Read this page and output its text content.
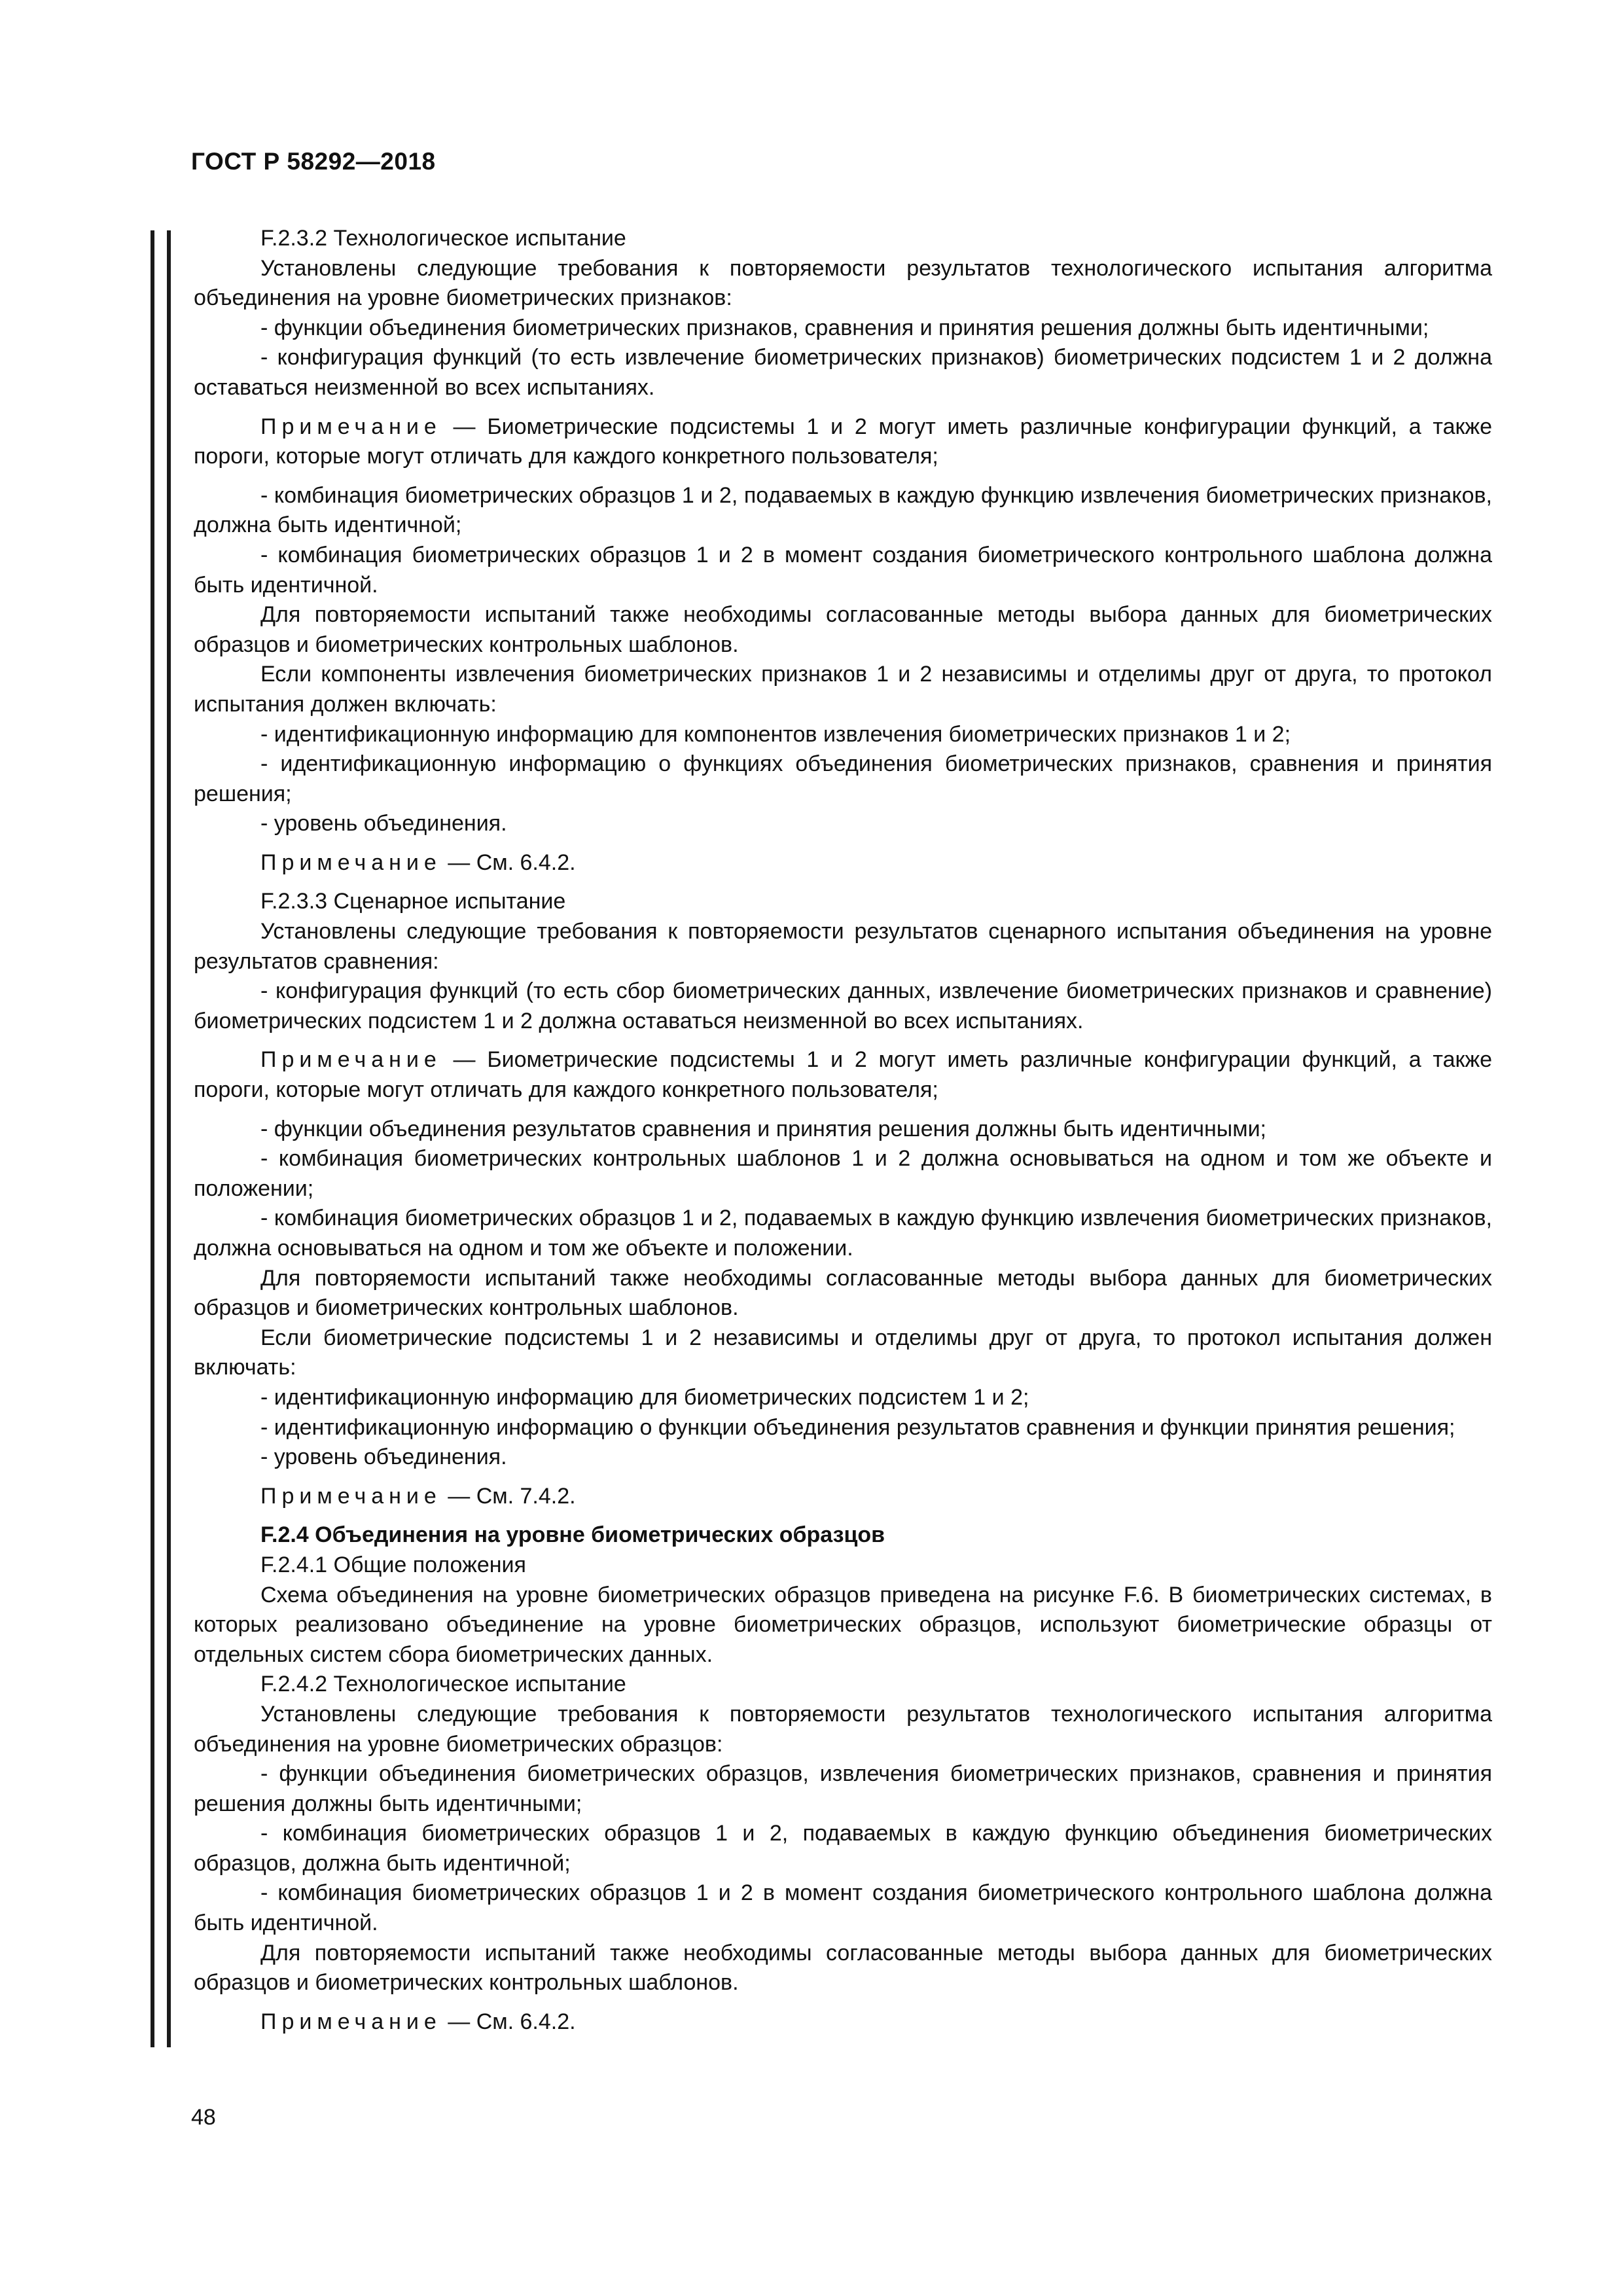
ГОСТ Р 58292—2018

F.2.3.2 Технологическое испытание

Установлены следующие требования к повторяемости результатов технологического испытания алгоритма объединения на уровне биометрических признаков:

- функции объединения биометрических признаков, сравнения и принятия решения должны быть идентичными;

- конфигурация функций (то есть извлечение биометрических признаков) биометрических подсистем 1 и 2 должна оставаться неизменной во всех испытаниях.

Примечание — Биометрические подсистемы 1 и 2 могут иметь различные конфигурации функций, а также пороги, которые могут отличать для каждого конкретного пользователя;

- комбинация биометрических образцов 1 и 2, подаваемых в каждую функцию извлечения биометрических признаков, должна быть идентичной;

- комбинация биометрических образцов 1 и 2 в момент создания биометрического контрольного шаблона должна быть идентичной.

Для повторяемости испытаний также необходимы согласованные методы выбора данных для биометрических образцов и биометрических контрольных шаблонов.

Если компоненты извлечения биометрических признаков 1 и 2 независимы и отделимы друг от друга, то протокол испытания должен включать:

- идентификационную информацию для компонентов извлечения биометрических признаков 1 и 2;

- идентификационную информацию о функциях объединения биометрических признаков, сравнения и принятия решения;

- уровень объединения.

Примечание — См. 6.4.2.

F.2.3.3 Сценарное испытание

Установлены следующие требования к повторяемости результатов сценарного испытания объединения на уровне результатов сравнения:

- конфигурация функций (то есть сбор биометрических данных, извлечение биометрических признаков и сравнение) биометрических подсистем 1 и 2 должна оставаться неизменной во всех испытаниях.

Примечание — Биометрические подсистемы 1 и 2 могут иметь различные конфигурации функций, а также пороги, которые могут отличать для каждого конкретного пользователя;

- функции объединения результатов сравнения и принятия решения должны быть идентичными;

- комбинация биометрических контрольных шаблонов 1 и 2 должна основываться на одном и том же объекте и положении;

- комбинация биометрических образцов 1 и 2, подаваемых в каждую функцию извлечения биометрических признаков, должна основываться на одном и том же объекте и положении.

Для повторяемости испытаний также необходимы согласованные методы выбора данных для биометрических образцов и биометрических контрольных шаблонов.

Если биометрические подсистемы 1 и 2 независимы и отделимы друг от друга, то протокол испытания должен включать:

- идентификационную информацию для биометрических подсистем 1 и 2;

- идентификационную информацию о функции объединения результатов сравнения и функции принятия решения;

- уровень объединения.

Примечание — См. 7.4.2.

F.2.4 Объединения на уровне биометрических образцов

F.2.4.1 Общие положения

Схема объединения на уровне биометрических образцов приведена на рисунке F.6. В биометрических системах, в которых реализовано объединение на уровне биометрических образцов, используют биометрические образцы от отдельных систем сбора биометрических данных.

F.2.4.2 Технологическое испытание

Установлены следующие требования к повторяемости результатов технологического испытания алгоритма объединения на уровне биометрических образцов:

- функции объединения биометрических образцов, извлечения биометрических признаков, сравнения и принятия решения должны быть идентичными;

- комбинация биометрических образцов 1 и 2, подаваемых в каждую функцию объединения биометрических образцов, должна быть идентичной;

- комбинация биометрических образцов 1 и 2 в момент создания биометрического контрольного шаблона должна быть идентичной.

Для повторяемости испытаний также необходимы согласованные методы выбора данных для биометрических образцов и биометрических контрольных шаблонов.

Примечание — См. 6.4.2.

48
